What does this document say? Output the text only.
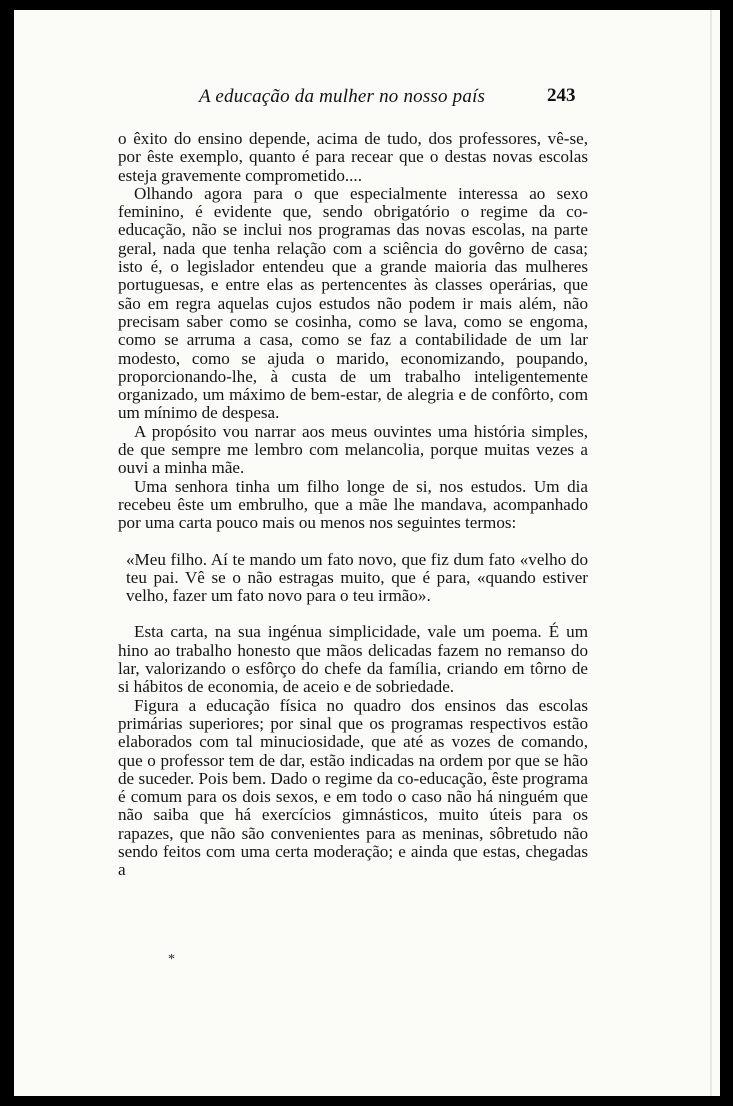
A educação da mulher no nosso país	243

o êxito do ensino depende, acima de tudo, dos professores, vê-se, por êste exemplo, quanto é para recear que o destas novas escolas esteja gravemente comprometido....

Olhando agora para o que especialmente interessa ao sexo feminino, é evidente que, sendo obrigatório o regime da co-educação, não se inclui nos programas das novas escolas, na parte geral, nada que tenha relação com a sciência do govêrno de casa; isto é, o legislador entendeu que a grande maioria das mulheres portuguesas, e entre elas as pertencentes às classes operárias, que são em regra aquelas cujos estudos não podem ir mais além, não precisam saber como se cosinha, como se lava, como se engoma, como se arruma a casa, como se faz a contabilidade de um lar modesto, como se ajuda o marido, economizando, poupando, proporcionando-lhe, à custa de um trabalho inteligentemente organizado, um máximo de bem-estar, de alegria e de confôrto, com um mínimo de despesa.

A propósito vou narrar aos meus ouvintes uma história simples, de que sempre me lembro com melancolia, porque muitas vezes a ouvi a minha mãe.

Uma senhora tinha um filho longe de si, nos estudos. Um dia recebeu êste um embrulho, que a mãe lhe mandava, acompanhado por uma carta pouco mais ou menos nos seguintes termos:

«Meu filho. Aí te mando um fato novo, que fiz dum fato «velho do teu pai. Vê se o não estragas muito, que é para, «quando estiver velho, fazer um fato novo para o teu irmão».

Esta carta, na sua ingénua simplicidade, vale um poema. É um hino ao trabalho honesto que mãos delicadas fazem no remanso do lar, valorizando o esfôrço do chefe da família, criando em tôrno de si hábitos de economia, de aceio e de sobriedade.

Figura a educação física no quadro dos ensinos das escolas primárias superiores; por sinal que os programas respectivos estão elaborados com tal minuciosidade, que até as vozes de comando, que o professor tem de dar, estão indicadas na ordem por que se hão de suceder. Pois bem. Dado o regime da co-educação, êste programa é comum para os dois sexos, e em todo o caso não há ninguém que não saiba que há exercícios gimnásticos, muito úteis para os rapazes, que não são convenientes para as meninas, sôbretudo não sendo feitos com uma certa moderação; e ainda que estas, chegadas a

*
